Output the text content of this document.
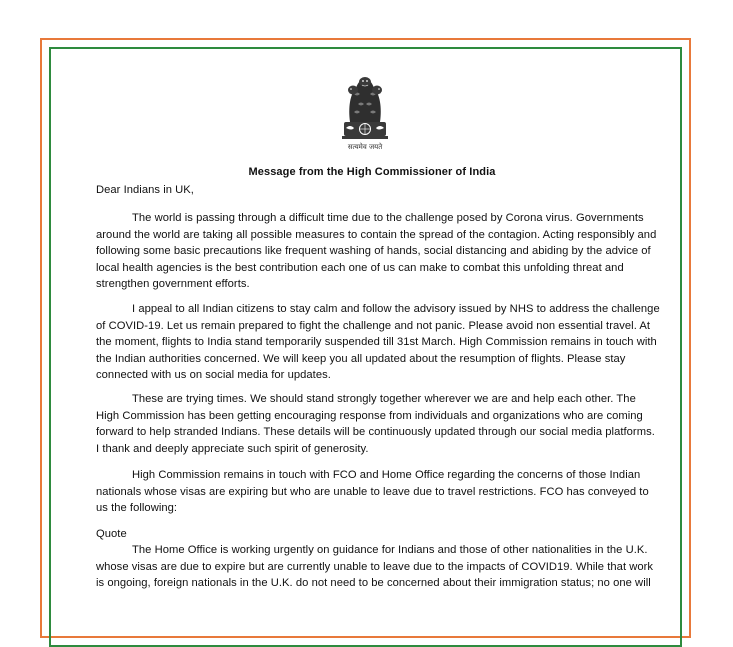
सत्यमेव जयते
Message from the High Commissioner of India
Dear Indians in UK,
The world is passing through a difficult time due to the challenge posed by Corona virus. Governments around the world are taking all possible measures to contain the spread of the contagion. Acting responsibly and following some basic precautions like frequent washing of hands, social distancing and abiding by the advice of local health agencies is the best contribution each one of us can make to combat this unfolding threat and strengthen government efforts.
I appeal to all Indian citizens to stay calm and follow the advisory issued by NHS to address the challenge of COVID-19. Let us remain prepared to fight the challenge and not panic. Please avoid non essential travel. At the moment, flights to India stand temporarily suspended till 31st March. High Commission remains in touch with the Indian authorities concerned. We will keep you all updated about the resumption of flights. Please stay connected with us on social media for updates.
These are trying times. We should stand strongly together wherever we are and help each other. The High Commission has been getting encouraging response from individuals and organizations who are coming forward to help stranded Indians. These details will be continuously updated through our social media platforms. I thank and deeply appreciate such spirit of generosity.
High Commission remains in touch with FCO and Home Office regarding the concerns of those Indian nationals whose visas are expiring but who are unable to leave due to travel restrictions. FCO has conveyed to us the following:
Quote
The Home Office is working urgently on guidance for Indians and those of other nationalities in the U.K. whose visas are due to expire but are currently unable to leave due to the impacts of COVID19. While that work is ongoing, foreign nationals in the U.K. do not need to be concerned about their immigration status; no one will
